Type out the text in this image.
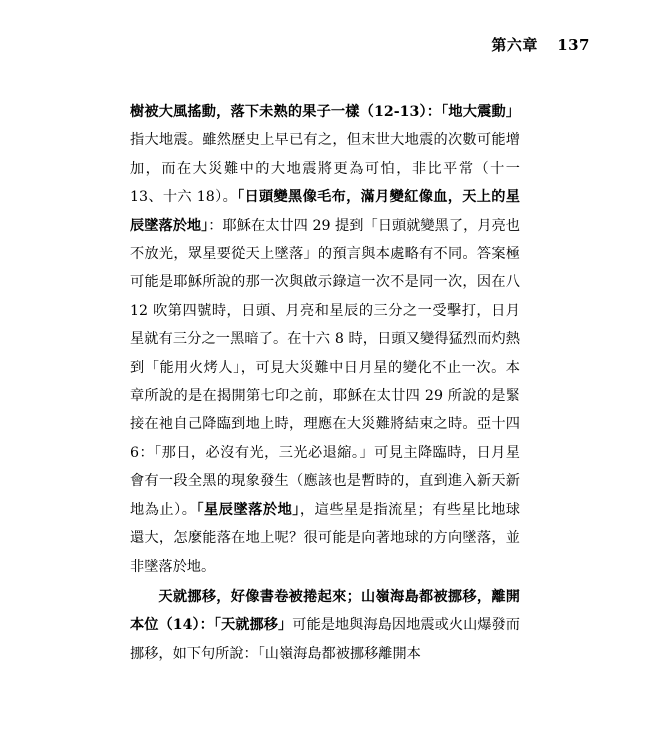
第六章 137
樹被大風搖動，落下未熟的果子一樣（12-13）：「地大震動」指大地震。雖然歷史上早已有之，但末世大地震的次數可能增加，而在大災難中的大地震將更為可怕，非比平常（十一 13、十六 18）。「日頭變黑像毛布，滿月變紅像血，天上的星辰墜落於地」：耶穌在太廿四 29 提到「日頭就變黑了，月亮也不放光，眾星要從天上墜落」的預言與本處略有不同。答案極可能是耶穌所說的那一次與啟示錄這一次不是同一次，因在八 12 吹第四號時，日頭、月亮和星辰的三分之一受擊打，日月星就有三分之一黑暗了。在十六 8 時，日頭又變得猛烈而灼熱到「能用火烤人」，可見大災難中日月星的變化不止一次。本章所說的是在揭開第七印之前，耶穌在太廿四 29 所說的是緊接在祂自己降臨到地上時，理應在大災難將結束之時。亞十四 6：「那日，必沒有光，三光必退縮。」可見主降臨時，日月星會有一段全黑的現象發生（應該也是暫時的，直到進入新天新地為止）。「星辰墜落於地」，這些星是指流星；有些星比地球還大，怎麼能落在地上呢？很可能是向著地球的方向墜落，並非墜落於地。
天就挪移，好像書卷被捲起來；山嶺海島都被挪移，離開本位（14）：「天就挪移」可能是地與海島因地震或火山爆發而挪移，如下句所說：「山嶺海島都被挪移離開本
